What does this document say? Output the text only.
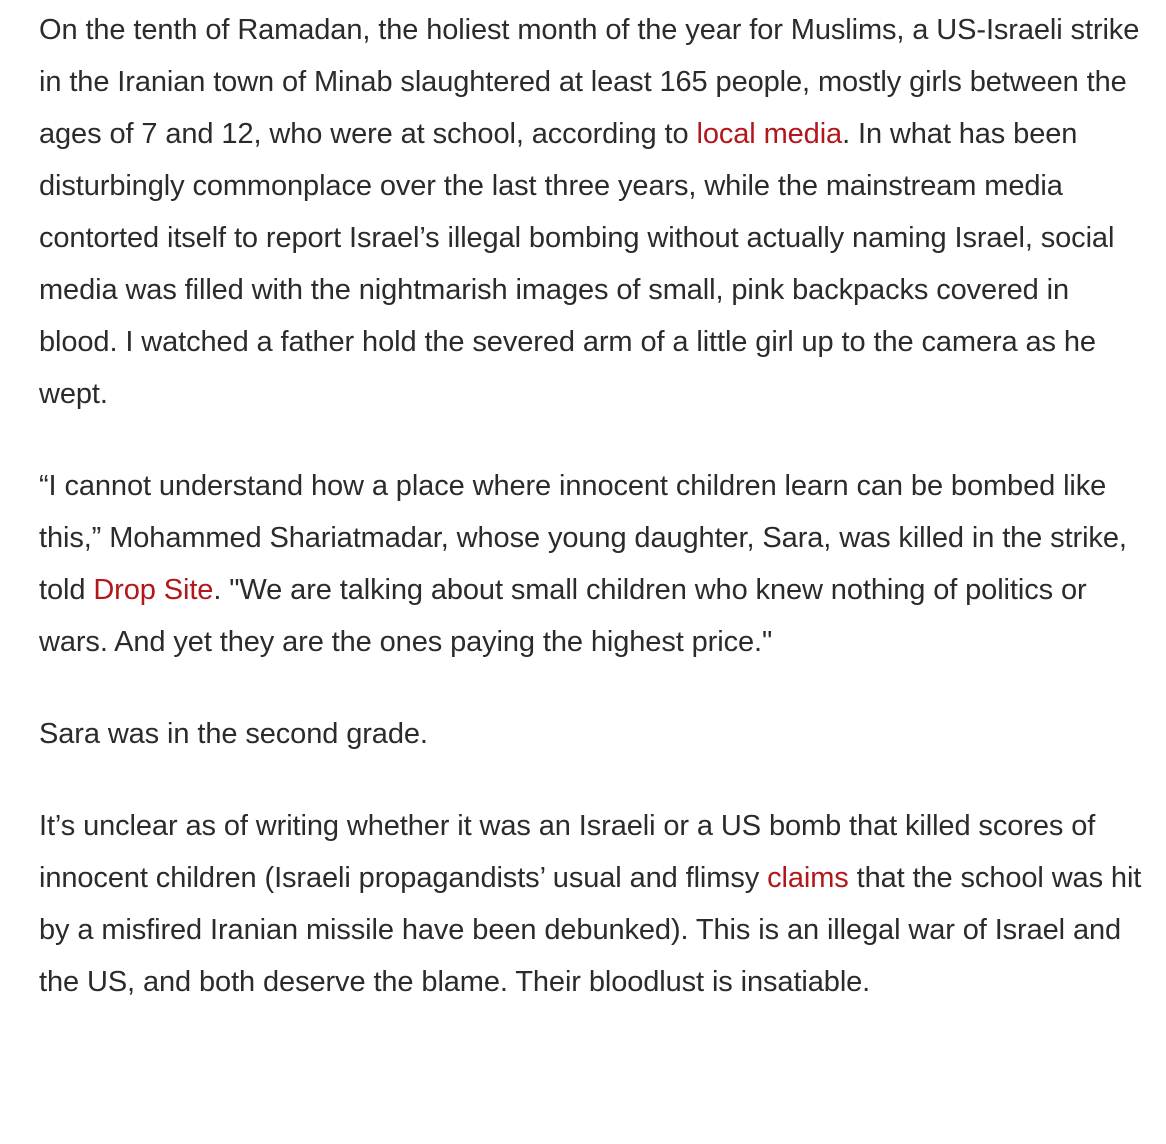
On the tenth of Ramadan, the holiest month of the year for Muslims, a US-Israeli strike in the Iranian town of Minab slaughtered at least 165 people, mostly girls between the ages of 7 and 12, who were at school, according to local media. In what has been disturbingly commonplace over the last three years, while the mainstream media contorted itself to report Israel’s illegal bombing without actually naming Israel, social media was filled with the nightmarish images of small, pink backpacks covered in blood. I watched a father hold the severed arm of a little girl up to the camera as he wept.

“I cannot understand how a place where innocent children learn can be bombed like this,” Mohammed Shariatmadar, whose young daughter, Sara, was killed in the strike, told Drop Site. "We are talking about small children who knew nothing of politics or wars. And yet they are the ones paying the highest price."

Sara was in the second grade.

It’s unclear as of writing whether it was an Israeli or a US bomb that killed scores of innocent children (Israeli propagandists’ usual and flimsy claims that the school was hit by a misfired Iranian missile have been debunked). This is an illegal war of Israel and the US, and both deserve the blame. Their bloodlust is insatiable.
